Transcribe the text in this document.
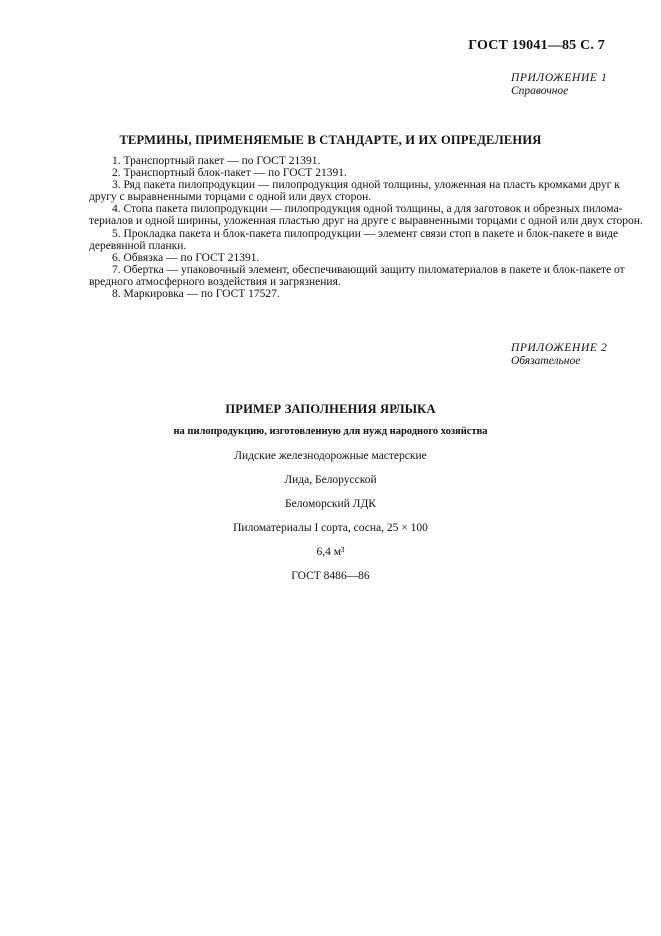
ГОСТ 19041—85 С. 7
ПРИЛОЖЕНИЕ 1
Справочное
ТЕРМИНЫ, ПРИМЕНЯЕМЫЕ В СТАНДАРТЕ, И ИХ ОПРЕДЕЛЕНИЯ

1. Транспортный пакет — по ГОСТ 21391.

2. Транспортный блок-пакет — по ГОСТ 21391.

3. Ряд пакета пилопродукции — пилопродукция одной толщины, уложенная на пласть кромками друг к

другу с выравненными торцами с одной или двух сторон.

4. Стопа пакета пилопродукции — пилопродукция одной толщины, а для заготовок и обрезных пиломa-

териалов и одной ширины, уложенная пластью друг на друге с выравненными торцами с одной или двух сторон.

5. Прокладка пакета и блок-пакета пилопродукции — элемент связи стоп в пакете и блок-пакете в виде

деревянной планки.

6. Обвязка — по ГОСТ 21391.

7. Обертка — упаковочный элемент, обеспечивающий защиту пиломатериалов в пакете и блок-пакете от

вредного атмосферного воздействия и загрязнения.

8. Маркировка — по ГОСТ 17527.

ПРИЛОЖЕНИЕ 2
Обязательное
ПРИМЕР ЗАПОЛНЕНИЯ ЯРЛЫКА
на пилопродукцию, изготовленную для нужд народного хозяйства
Лидские железнодорожные мастерские
Лида, Белорусской
Беломорский ЛДК
Пиломатериалы I сорта, сосна, 25 × 100
6,4 м³
ГОСТ 8486—86
